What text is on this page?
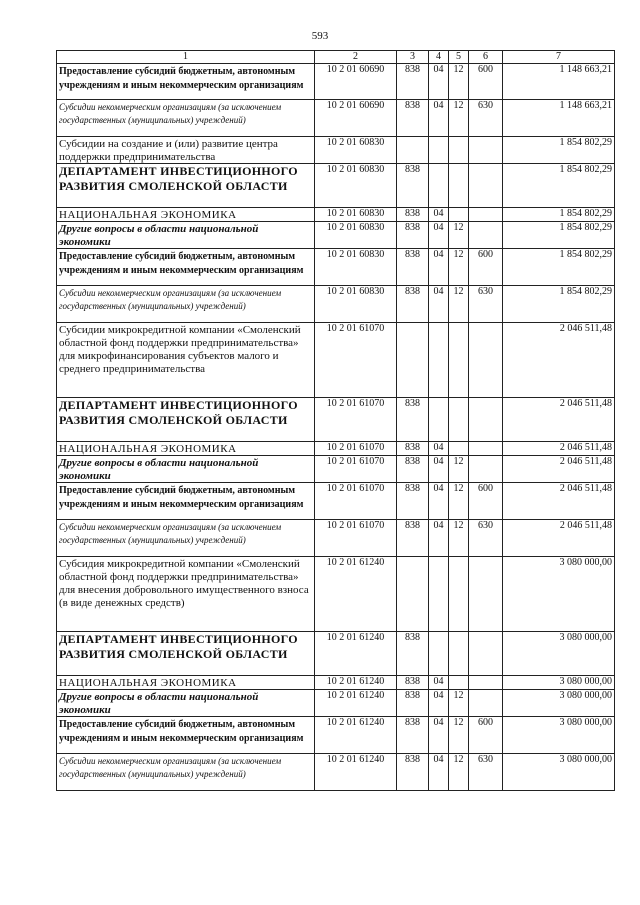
593
1	2	3	4	5	6	7
Предоставление субсидий бюджетным, автономным учреждениям и иным некоммерческим организациям	10 2 01 60690	838	04	12	600	1 148 663,21
Субсидии некоммерческим организациям (за исключением государственных (муниципальных) учреждений)	10 2 01 60690	838	04	12	630	1 148 663,21
Субсидии на создание и (или) развитие центра поддержки предпринимательства	10 2 01 60830					1 854 802,29
ДЕПАРТАМЕНТ ИНВЕСТИЦИОННОГО РАЗВИТИЯ СМОЛЕНСКОЙ ОБЛАСТИ	10 2 01 60830	838				1 854 802,29
НАЦИОНАЛЬНАЯ ЭКОНОМИКА	10 2 01 60830	838	04			1 854 802,29
Другие вопросы в области национальной экономики	10 2 01 60830	838	04	12		1 854 802,29
Предоставление субсидий бюджетным, автономным учреждениям и иным некоммерческим организациям	10 2 01 60830	838	04	12	600	1 854 802,29
Субсидии некоммерческим организациям (за исключением государственных (муниципальных) учреждений)	10 2 01 60830	838	04	12	630	1 854 802,29
Субсидии микрокредитной компании «Смоленский областной фонд поддержки предпринимательства» для микрофинансирования субъектов малого и среднего предпринимательства	10 2 01 61070					2 046 511,48
ДЕПАРТАМЕНТ ИНВЕСТИЦИОННОГО РАЗВИТИЯ СМОЛЕНСКОЙ ОБЛАСТИ	10 2 01 61070	838				2 046 511,48
НАЦИОНАЛЬНАЯ ЭКОНОМИКА	10 2 01 61070	838	04			2 046 511,48
Другие вопросы в области национальной экономики	10 2 01 61070	838	04	12		2 046 511,48
Предоставление субсидий бюджетным, автономным учреждениям и иным некоммерческим организациям	10 2 01 61070	838	04	12	600	2 046 511,48
Субсидии некоммерческим организациям (за исключением государственных (муниципальных) учреждений)	10 2 01 61070	838	04	12	630	2 046 511,48
Субсидия микрокредитной компании «Смоленский областной фонд поддержки предпринимательства» для внесения добровольного имущественного взноса (в виде денежных средств)	10 2 01 61240					3 080 000,00
ДЕПАРТАМЕНТ ИНВЕСТИЦИОННОГО РАЗВИТИЯ СМОЛЕНСКОЙ ОБЛАСТИ	10 2 01 61240	838				3 080 000,00
НАЦИОНАЛЬНАЯ ЭКОНОМИКА	10 2 01 61240	838	04			3 080 000,00
Другие вопросы в области национальной экономики	10 2 01 61240	838	04	12		3 080 000,00
Предоставление субсидий бюджетным, автономным учреждениям и иным некоммерческим организациям	10 2 01 61240	838	04	12	600	3 080 000,00
Субсидии некоммерческим организациям (за исключением государственных (муниципальных) учреждений)	10 2 01 61240	838	04	12	630	3 080 000,00
